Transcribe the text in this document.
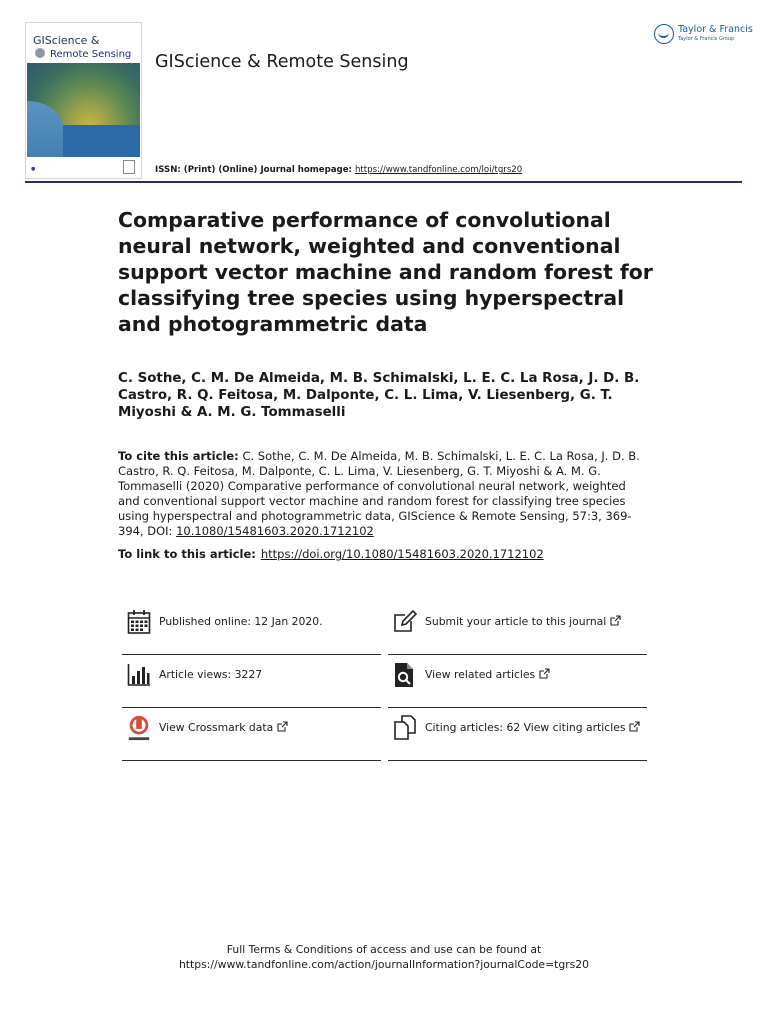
GIScience &
Remote Sensing
●
GIScience & Remote Sensing
ISSN: (Print) (Online) Journal homepage: https://www.tandfonline.com/loi/tgrs20
Taylor & Francis
Taylor & Francis Group
Comparative performance of convolutional neural network, weighted and conventional support vector machine and random forest for classifying tree species using hyperspectral and photogrammetric data
C. Sothe, C. M. De Almeida, M. B. Schimalski, L. E. C. La Rosa, J. D. B. Castro, R. Q. Feitosa, M. Dalponte, C. L. Lima, V. Liesenberg, G. T. Miyoshi & A. M. G. Tommaselli
To cite this article: C. Sothe, C. M. De Almeida, M. B. Schimalski, L. E. C. La Rosa, J. D. B. Castro, R. Q. Feitosa, M. Dalponte, C. L. Lima, V. Liesenberg, G. T. Miyoshi & A. M. G. Tommaselli (2020) Comparative performance of convolutional neural network, weighted and conventional support vector machine and random forest for classifying tree species using hyperspectral and photogrammetric data, GIScience & Remote Sensing, 57:3, 369-394, DOI: 10.1080/15481603.2020.1712102
To link to this article: https://doi.org/10.1080/15481603.2020.1712102
Published online: 12 Jan 2020.	Submit your article to this journal
Article views: 3227	View related articles
View Crossmark data	Citing articles: 62 View citing articles
Full Terms & Conditions of access and use can be found at
https://www.tandfonline.com/action/journalInformation?journalCode=tgrs20
